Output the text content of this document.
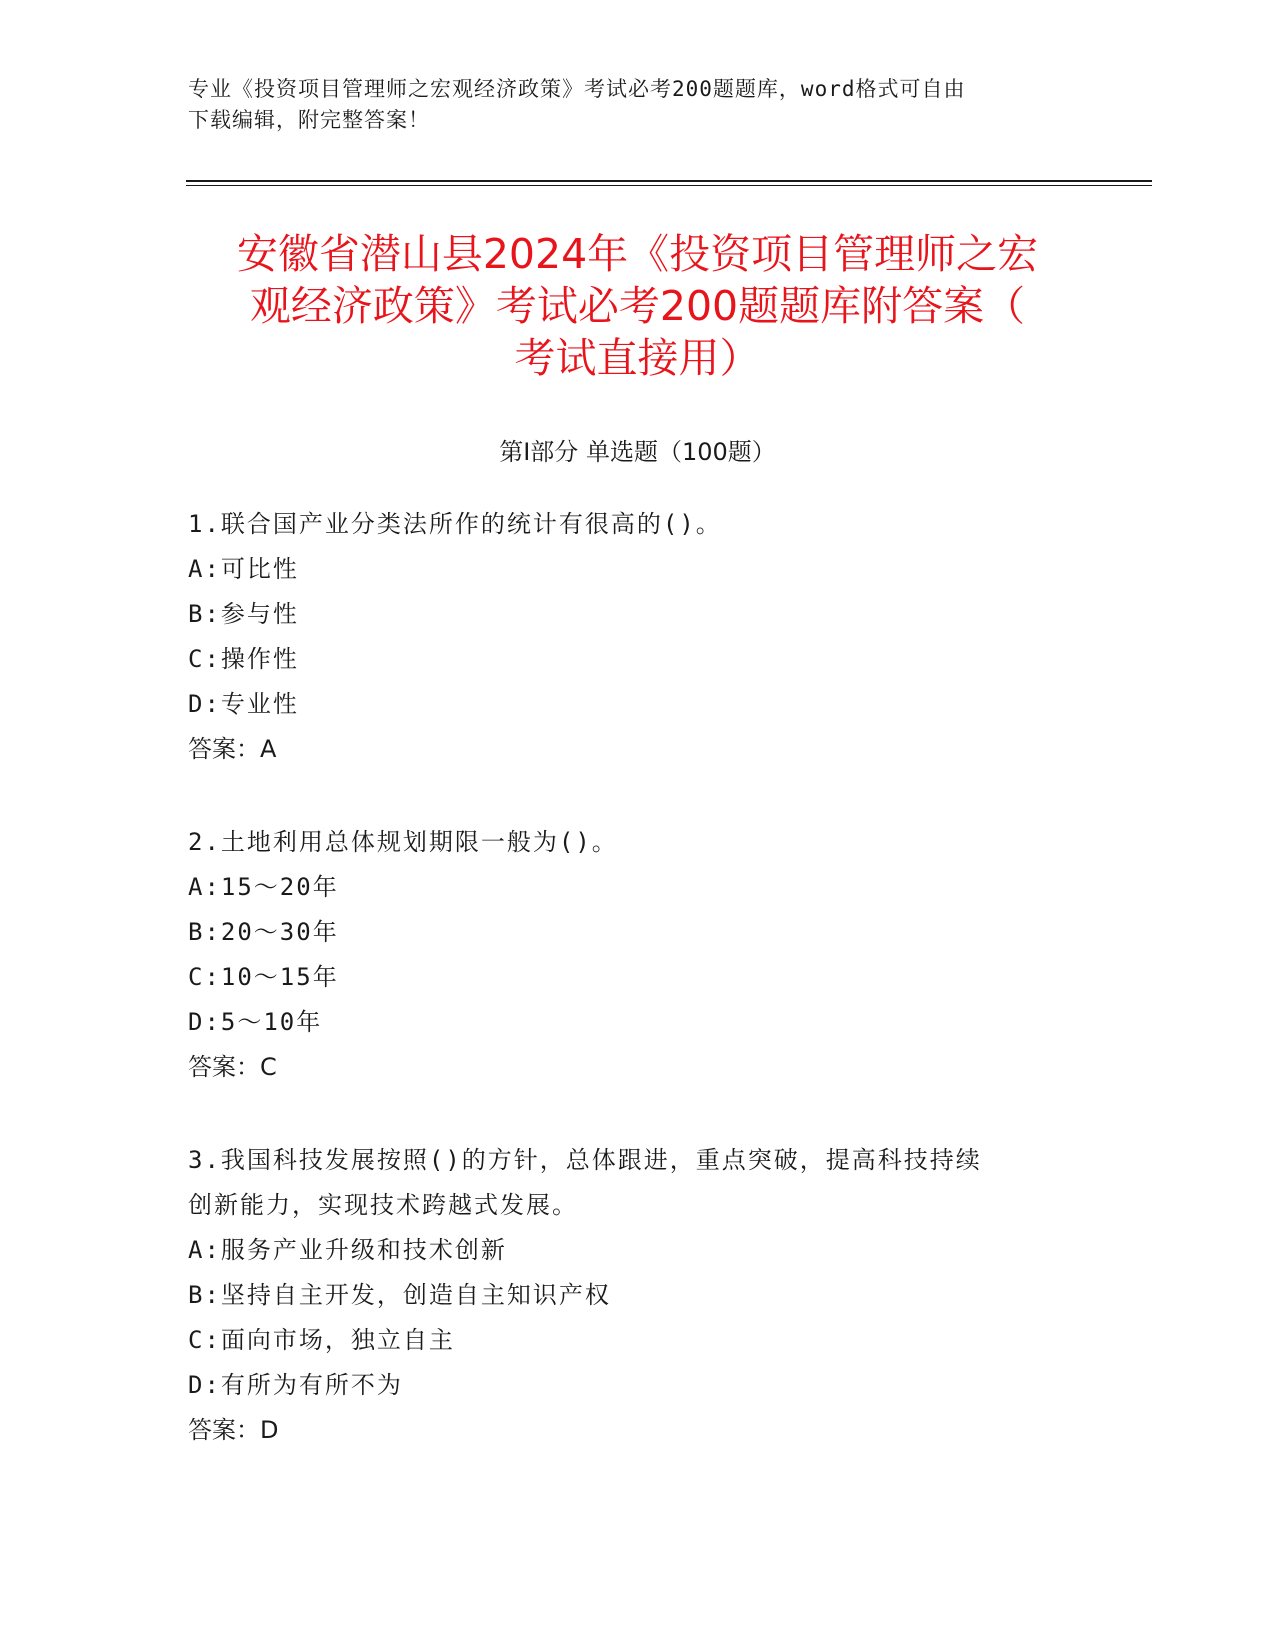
专业《投资项目管理师之宏观经济政策》考试必考200题题库，word格式可自由
下载编辑，附完整答案！
安徽省潜山县2024年《投资项目管理师之宏
观经济政策》考试必考200题题库附答案（
考试直接用）
第I部分 单选题（100题）
1.联合国产业分类法所作的统计有很高的()。
A:可比性
B:参与性
C:操作性
D:专业性
答案：A
2.土地利用总体规划期限一般为()。
A:15～20年
B:20～30年
C:10～15年
D:5～10年
答案：C
3.我国科技发展按照()的方针，总体跟进，重点突破，提高科技持续
创新能力，实现技术跨越式发展。
A:服务产业升级和技术创新
B:坚持自主开发，创造自主知识产权
C:面向市场，独立自主
D:有所为有所不为
答案：D
